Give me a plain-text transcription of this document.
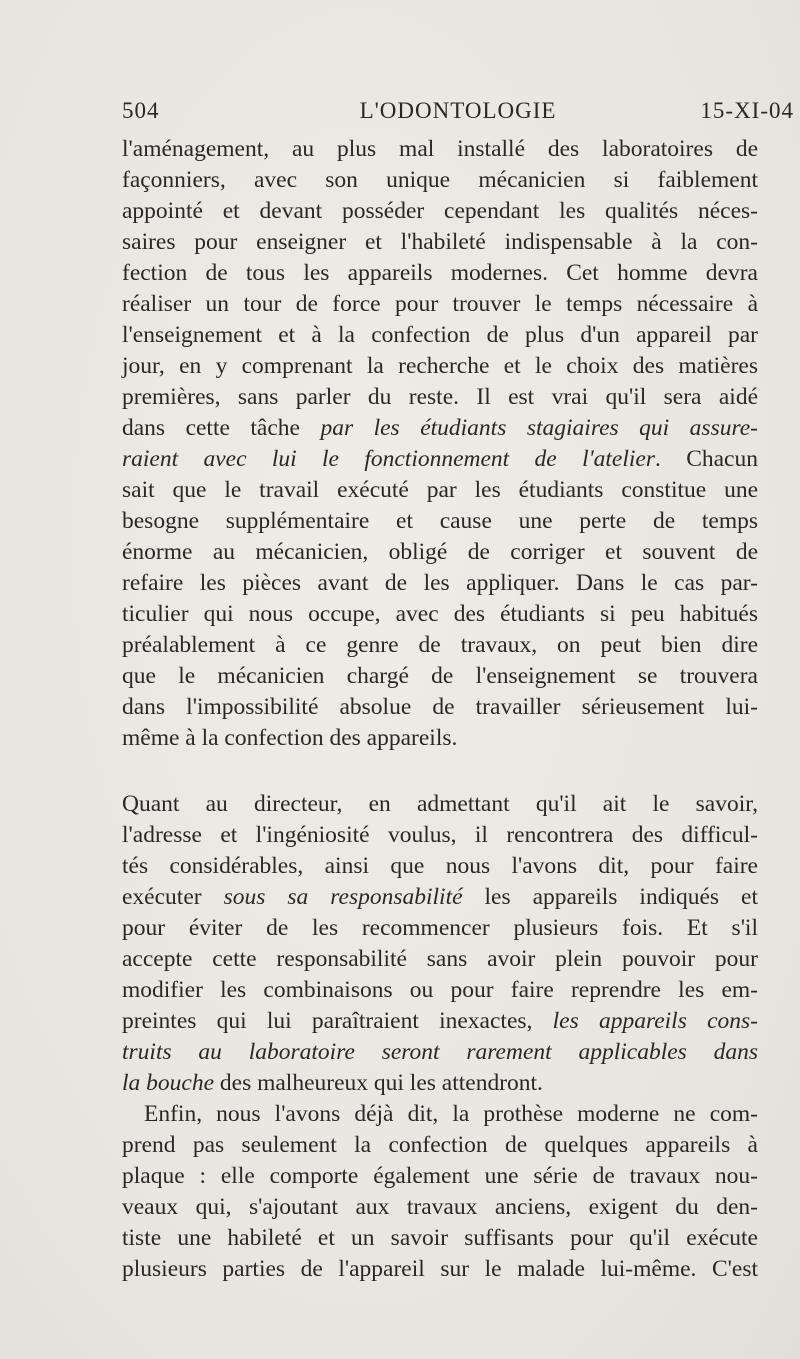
504	L'ODONTOLOGIE	15-XI-04

l'aménagement, au plus mal installé des laboratoires de
façonniers, avec son unique mécanicien si faiblement
appointé et devant posséder cependant les qualités néces-
saires pour enseigner et l'habileté indispensable à la con-
fection de tous les appareils modernes. Cet homme devra
réaliser un tour de force pour trouver le temps nécessaire à
l'enseignement et à la confection de plus d'un appareil par
jour, en y comprenant la recherche et le choix des matières
premières, sans parler du reste. Il est vrai qu'il sera aidé
dans cette tâche par les étudiants stagiaires qui assure-
raient avec lui le fonctionnement de l'atelier. Chacun
sait que le travail exécuté par les étudiants constitue une
besogne supplémentaire et cause une perte de temps
énorme au mécanicien, obligé de corriger et souvent de
refaire les pièces avant de les appliquer. Dans le cas par-
ticulier qui nous occupe, avec des étudiants si peu habitués
préalablement à ce genre de travaux, on peut bien dire
que le mécanicien chargé de l'enseignement se trouvera
dans l'impossibilité absolue de travailler sérieusement lui-
même à la confection des appareils.

Quant au directeur, en admettant qu'il ait le savoir,
l'adresse et l'ingéniosité voulus, il rencontrera des difficul-
tés considérables, ainsi que nous l'avons dit, pour faire
exécuter sous sa responsabilité les appareils indiqués et
pour éviter de les recommencer plusieurs fois. Et s'il
accepte cette responsabilité sans avoir plein pouvoir pour
modifier les combinaisons ou pour faire reprendre les em-
preintes qui lui paraîtraient inexactes, les appareils cons-
truits au laboratoire seront rarement applicables dans
la bouche des malheureux qui les attendront.

Enfin, nous l'avons déjà dit, la prothèse moderne ne com-
prend pas seulement la confection de quelques appareils à
plaque : elle comporte également une série de travaux nou-
veaux qui, s'ajoutant aux travaux anciens, exigent du den-
tiste une habileté et un savoir suffisants pour qu'il exécute
plusieurs parties de l'appareil sur le malade lui-même. C'est
